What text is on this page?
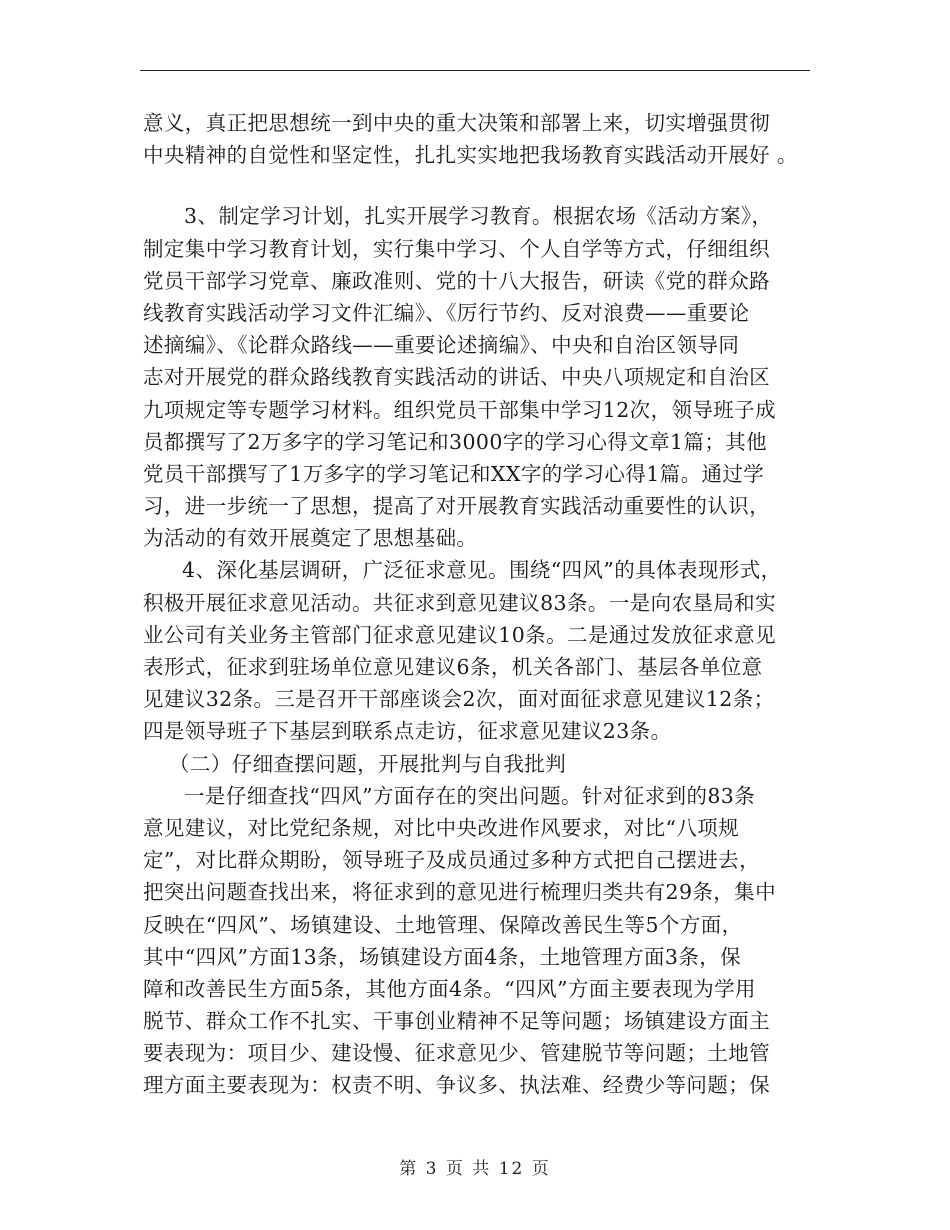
意义，真正把思想统一到中央的重大决策和部署上来，切实增强贯彻
中央精神的自觉性和坚定性，扎扎实实地把我场教育实践活动开展好 。
3、制定学习计划，扎实开展学习教育。根据农场《活动方案》，
制定集中学习教育计划，实行集中学习、个人自学等方式，仔细组织
党员干部学习党章、廉政准则、党的十八大报告，研读《党的群众路
线教育实践活动学习文件汇编》、《厉行节约、反对浪费——重要论
述摘编》、《论群众路线——重要论述摘编》、中央和自治区领导同
志对开展党的群众路线教育实践活动的讲话、中央八项规定和自治区
九项规定等专题学习材料。组织党员干部集中学习12次，领导班子成
员都撰写了2万多字的学习笔记和3000字的学习心得文章1篇；其他
党员干部撰写了1万多字的学习笔记和XX字的学习心得1篇。通过学
习，进一步统一了思想，提高了对开展教育实践活动重要性的认识，
为活动的有效开展奠定了思想基础。
4、深化基层调研，广泛征求意见。围绕“四风”的具体表现形式，
积极开展征求意见活动。共征求到意见建议83条。一是向农垦局和实
业公司有关业务主管部门征求意见建议10条。二是通过发放征求意见
表形式，征求到驻场单位意见建议6条，机关各部门、基层各单位意
见建议32条。三是召开干部座谈会2次，面对面征求意见建议12条；
四是领导班子下基层到联系点走访，征求意见建议23条。
（二）仔细查摆问题，开展批判与自我批判
一是仔细查找“四风”方面存在的突出问题。针对征求到的83条
意见建议，对比党纪条规，对比中央改进作风要求，对比“八项规
定”，对比群众期盼，领导班子及成员通过多种方式把自己摆进去，
把突出问题查找出来，将征求到的意见进行梳理归类共有29条，集中
反映在“四风”、场镇建设、土地管理、保障改善民生等5个方面，
其中“四风”方面13条，场镇建设方面4条，土地管理方面3条，保
障和改善民生方面5条，其他方面4条。“四风”方面主要表现为学用
脱节、群众工作不扎实、干事创业精神不足等问题；场镇建设方面主
要表现为：项目少、建设慢、征求意见少、管建脱节等问题；土地管
理方面主要表现为：权责不明、争议多、执法难、经费少等问题；保
第 3 页 共 12 页
